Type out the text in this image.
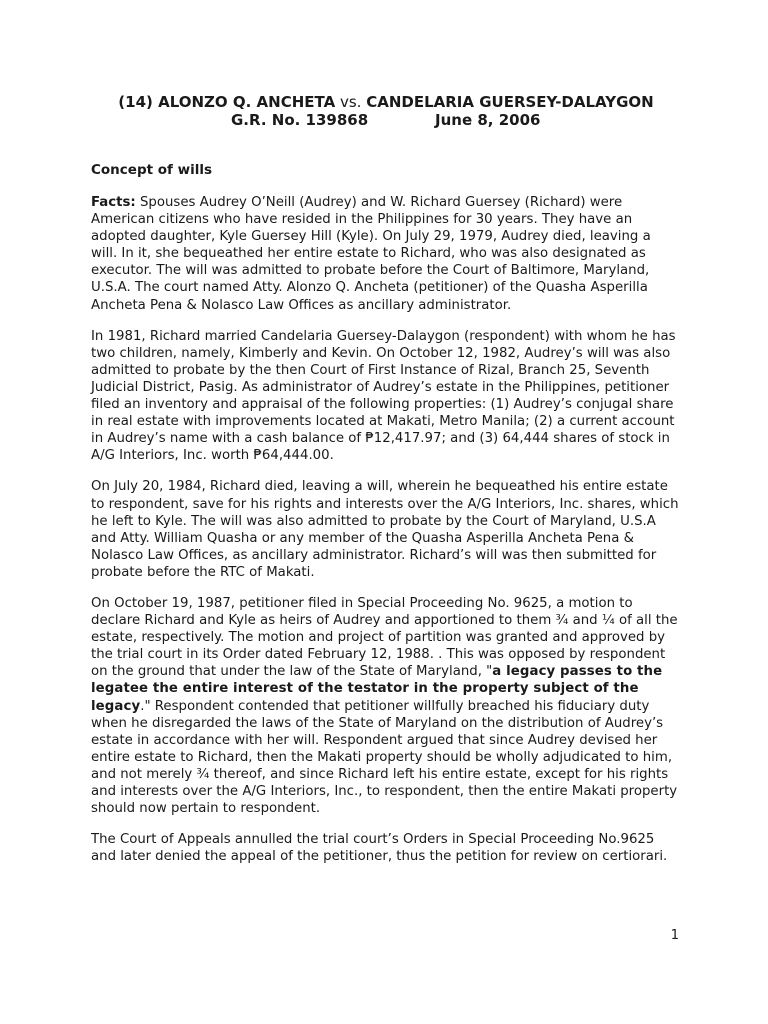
(14) ALONZO Q. ANCHETA vs. CANDELARIA GUERSEY-DALAYGON
G.R. No. 139868	June 8, 2006
Concept of wills

Facts: Spouses Audrey O’Neill (Audrey) and W. Richard Guersey (Richard) were American citizens who have resided in the Philippines for 30 years. They have an adopted daughter, Kyle Guersey Hill (Kyle). On July 29, 1979, Audrey died, leaving a will. In it, she bequeathed her entire estate to Richard, who was also designated as executor. The will was admitted to probate before the Court of Baltimore, Maryland, U.S.A. The court named Atty. Alonzo Q. Ancheta (petitioner) of the Quasha Asperilla Ancheta Pena & Nolasco Law Offices as ancillary administrator.

In 1981, Richard married Candelaria Guersey-Dalaygon (respondent) with whom he has two children, namely, Kimberly and Kevin. On October 12, 1982, Audrey’s will was also admitted to probate by the then Court of First Instance of Rizal, Branch 25, Seventh Judicial District, Pasig. As administrator of Audrey’s estate in the Philippines, petitioner filed an inventory and appraisal of the following properties: (1) Audrey’s conjugal share in real estate with improvements located at Makati, Metro Manila; (2) a current account in Audrey’s name with a cash balance of ₱12,417.97; and (3) 64,444 shares of stock in A/G Interiors, Inc. worth ₱64,444.00.

On July 20, 1984, Richard died, leaving a will, wherein he bequeathed his entire estate to respondent, save for his rights and interests over the A/G Interiors, Inc. shares, which he left to Kyle. The will was also admitted to probate by the Court of Maryland, U.S.A and Atty. William Quasha or any member of the Quasha Asperilla Ancheta Pena & Nolasco Law Offices, as ancillary administrator. Richard’s will was then submitted for probate before the RTC of Makati.

On October 19, 1987, petitioner filed in Special Proceeding No. 9625, a motion to declare Richard and Kyle as heirs of Audrey and apportioned to them ¾ and ¼ of all the estate, respectively. The motion and project of partition was granted and approved by the trial court in its Order dated February 12, 1988. . This was opposed by respondent on the ground that under the law of the State of Maryland, "a legacy passes to the legatee the entire interest of the testator in the property subject of the legacy." Respondent contended that petitioner willfully breached his fiduciary duty when he disregarded the laws of the State of Maryland on the distribution of Audrey’s estate in accordance with her will. Respondent argued that since Audrey devised her entire estate to Richard, then the Makati property should be wholly adjudicated to him, and not merely ¾ thereof, and since Richard left his entire estate, except for his rights and interests over the A/G Interiors, Inc., to respondent, then the entire Makati property should now pertain to respondent.

The Court of Appeals annulled the trial court’s Orders in Special Proceeding No.9625 and later denied the appeal of the petitioner, thus the petition for review on certiorari.

1
